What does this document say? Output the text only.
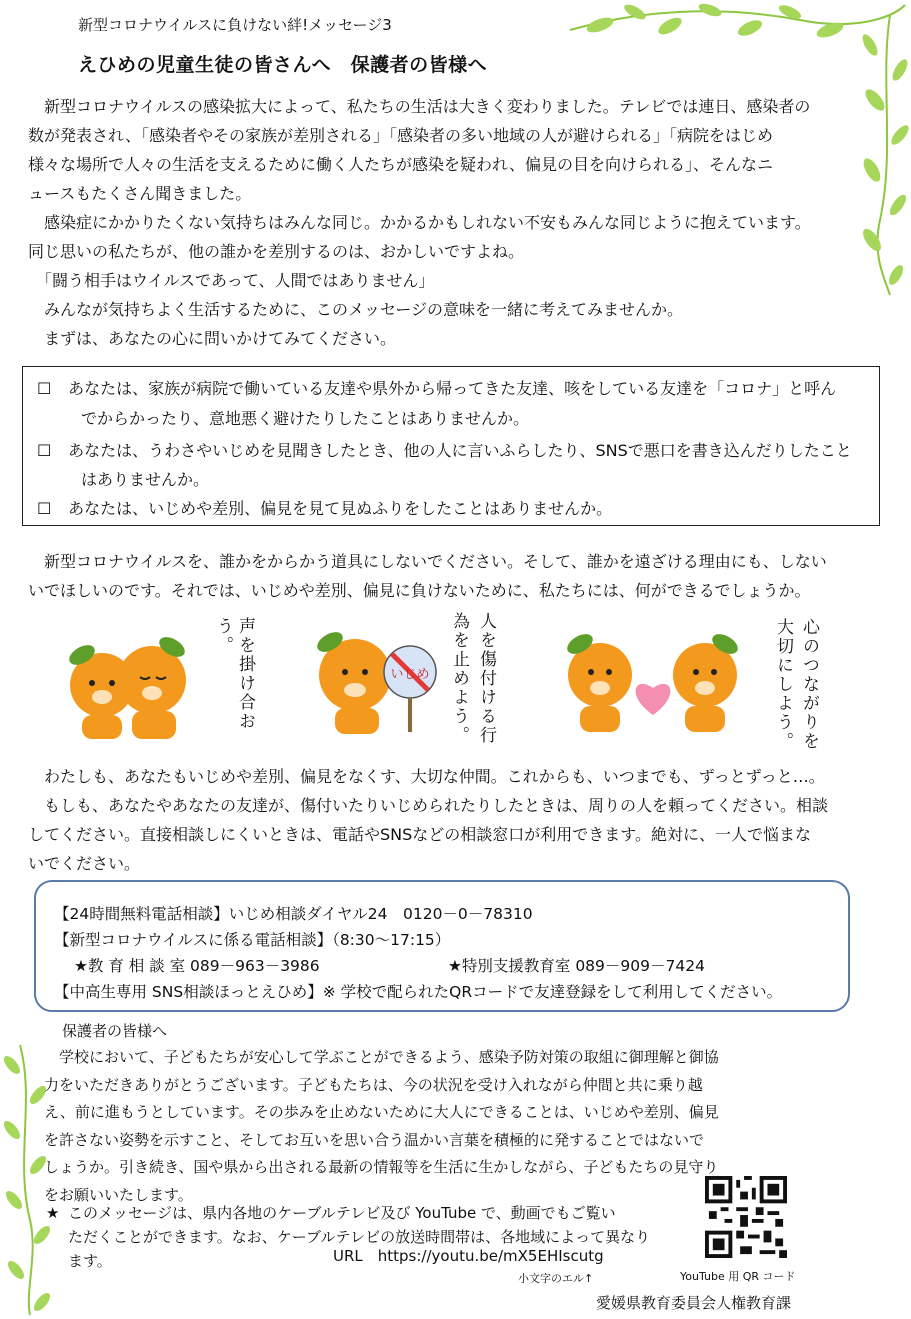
新型コロナウイルスに負けない絆!メッセージ3
えひめの児童生徒の皆さんへ　保護者の皆様へ
　新型コロナウイルスの感染拡大によって、私たちの生活は大きく変わりました。テレビでは連日、感染者の
数が発表され、「感染者やその家族が差別される」「感染者の多い地域の人が避けられる」「病院をはじめ
様々な場所で人々の生活を支えるために働く人たちが感染を疑われ、偏見の目を向けられる」、そんなニ
ュースもたくさん聞きました。
　感染症にかかりたくない気持ちはみんな同じ。かかるかもしれない不安もみんな同じように抱えています。
同じ思いの私たちが、他の誰かを差別するのは、おかしいですよね。
　「闘う相手はウイルスであって、人間ではありません」
　みんなが気持ちよく生活するために、このメッセージの意味を一緒に考えてみませんか。
　まずは、あなたの心に問いかけてみてください。
☐ あなたは、家族が病院で働いている友達や県外から帰ってきた友達、咳をしている友達を「コロナ」と呼ん
でからかったり、意地悪く避けたりしたことはありませんか。
☐ あなたは、うわさやいじめを見聞きしたとき、他の人に言いふらしたり、SNSで悪口を書き込んだりしたこと
はありませんか。
☐ あなたは、いじめや差別、偏見を見て見ぬふりをしたことはありませんか。
　新型コロナウイルスを、誰かをからかう道具にしないでください。そして、誰かを遠ざける理由にも、しない
いでほしいのです。それでは、いじめや差別、偏見に負けないために、私たちには、何ができるでしょうか。
声を掛け合おう。
いじめ	人を傷付ける行
為を止めよう。	心のつながりを
大切にしよう。
　わたしも、あなたもいじめや差別、偏見をなくす、大切な仲間。これからも、いつまでも、ずっとずっと…。
　もしも、あなたやあなたの友達が、傷付いたりいじめられたりしたときは、周りの人を頼ってください。相談
してください。直接相談しにくいときは、電話やSNSなどの相談窓口が利用できます。絶対に、一人で悩まな
いでください。
【24時間無料電話相談】いじめ相談ダイヤル24　0120－0－78310
【新型コロナウイルスに係る電話相談】（8:30～17:15）
★教 育 相 談 室 089－963－3986	★特別支援教育室 089－909－7424
【中高生専用 SNS相談ほっとえひめ】※ 学校で配られたQRコードで友達登録をして利用してください。
保護者の皆様へ
　学校において、子どもたちが安心して学ぶことができるよう、感染予防対策の取組に御理解と御協
力をいただきありがとうございます。子どもたちは、今の状況を受け入れながら仲間と共に乗り越
え、前に進もうとしています。その歩みを止めないために大人にできることは、いじめや差別、偏見
を許さない姿勢を示すこと、そしてお互いを思い合う温かい言葉を積極的に発することではないで
しょうか。引き続き、国や県から出される最新の情報等を生活に生かしながら、子どもたちの見守り
をお願いいたします。
★ このメッセージは、県内各地のケーブルテレビ及び YouTube で、動画でもご覧い
ただくことができます。なお、ケーブルテレビの放送時間帯は、各地域によって異なり
ます。	URL　https://youtu.be/mX5EHIscutg
小文字のエル↑	YouTube 用 QR コード
愛媛県教育委員会人権教育課
